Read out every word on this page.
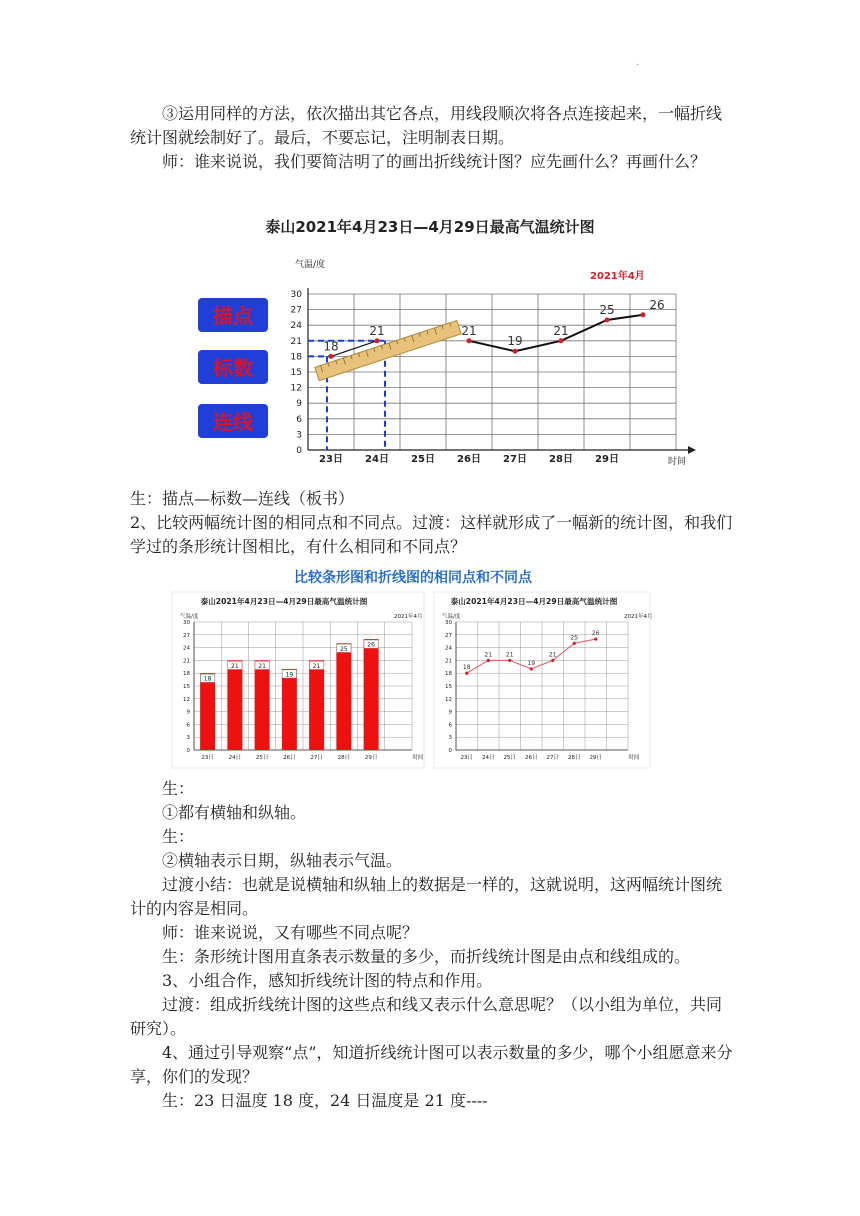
·

③运用同样的方法，依次描出其它各点，用线段顺次将各点连接起来，一幅折线统计图就绘制好了。最后，不要忘记，注明制表日期。

师：谁来说说，我们要简洁明了的画出折线统计图？应先画什么？再画什么？

泰山2021年4月23日—4月29日最高气温统计图
气温/度
2021年4月
时间
描点
标数
连线
0
3
6
9
12
15
18
21
24
27
30
23日 24日 25日 26日 27日 28日 29日
18
21	21
19
21
25	26

生：描点—标数—连线（板书）

2、比较两幅统计图的相同点和不同点。过渡：这样就形成了一幅新的统计图，和我们学过的条形统计图相比，有什么相同和不同点？

比较条形图和折线图的相同点和不同点
泰山2021年4月23日—4月29日最高气温统计图
气温/度	2021年4月
0
3
6
9
12
15
18
21
24
27
30
23日	24日	25日	26日	27日	28日	29日	时间
18
21	21
19
21
25
26
泰山2021年4月23日—4月29日最高气温统计图
气温/度	2021年4月
0
3
6
9
12
15
18
21
24
27
30
23日 24日 25日 26日 27日 28日 29日	时间
18
21 21
19
21
25
26

生：

①都有横轴和纵轴。

生：

②横轴表示日期，纵轴表示气温。

过渡小结：也就是说横轴和纵轴上的数据是一样的，这就说明，这两幅统计图统计的内容是相同。

师：谁来说说，又有哪些不同点呢？

生：条形统计图用直条表示数量的多少，而折线统计图是由点和线组成的。

3、小组合作，感知折线统计图的特点和作用。

过渡：组成折线统计图的这些点和线又表示什么意思呢？（以小组为单位，共同研究）。

4、通过引导观察“点”，知道折线统计图可以表示数量的多少，哪个小组愿意来分享，你们的发现？

生：23 日温度 18 度，24 日温度是 21 度----
